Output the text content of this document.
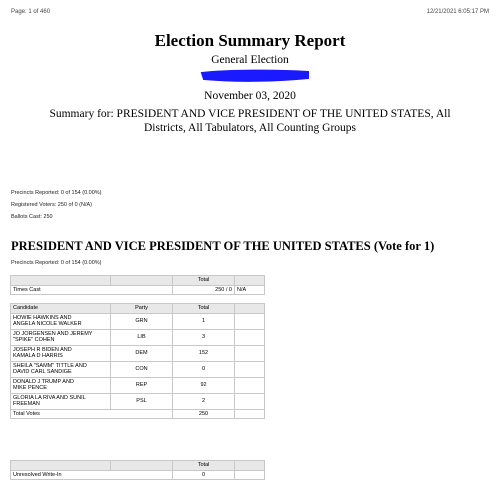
Page: 1 of 460	12/21/2021 6:05:17 PM
Election Summary Report
General Election
November 03, 2020
Summary for: PRESIDENT AND VICE PRESIDENT OF THE UNITED STATES, All
Districts, All Tabulators, All Counting Groups
Precincts Reported: 0 of 154 (0.00%)
Registered Voters: 250 of 0 (N/A)
Ballots Cast: 250
PRESIDENT AND VICE PRESIDENT OF THE UNITED STATES (Vote for 1)
Precincts Reported: 0 of 154 (0.00%)
		Total	
Times Cast		250 / 0	N/A
Candidate	Party	Total	

HOWIE HAWKINS AND
ANGELA NICOLE WALKER	GRN	1	

JO JORGENSEN AND JEREMY
"SPIKE" COHEN	LIB	3	

JOSEPH R BIDEN AND
KAMALA D HARRIS	DEM	152	

SHEILA "SAMM" TITTLE AND
DAVID CARL SANDIGE	CON	0	

DONALD J TRUMP AND
MIKE PENCE	REP	92	

GLORIA LA RIVA AND SUNIL
FREEMAN	PSL	2	
Total Votes		250	
		Total	
Unresolved Write-In		0	
